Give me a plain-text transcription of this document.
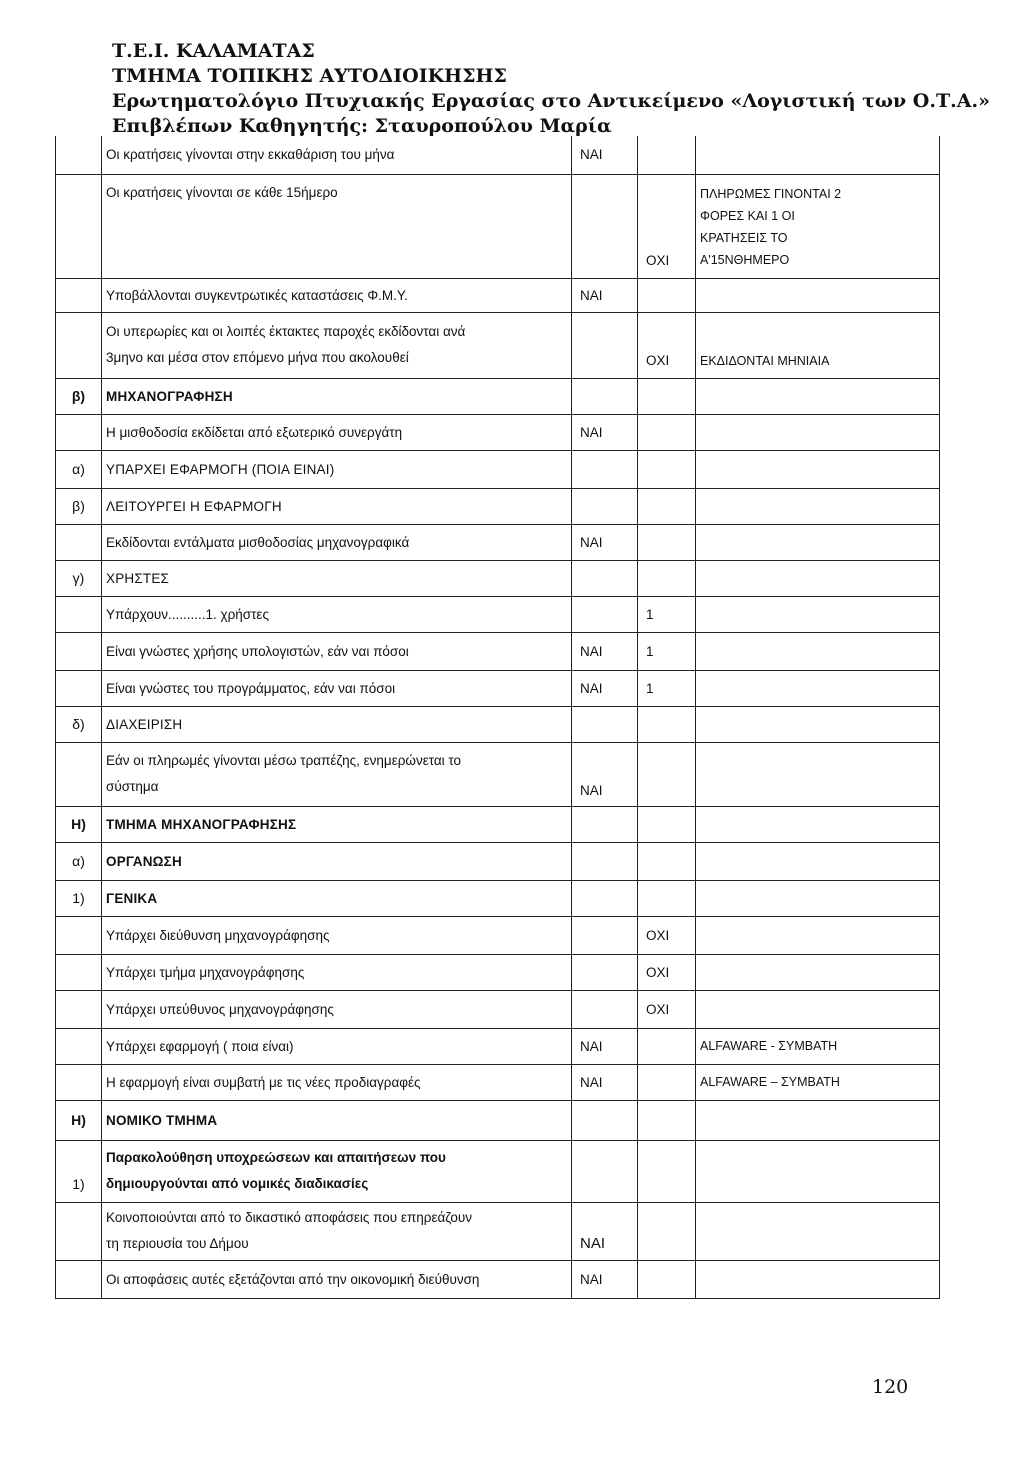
Τ.Ε.Ι. ΚΑΛΑΜΑΤΑΣ
ΤΜΗΜΑ ΤΟΠΙΚΗΣ ΑΥΤΟΔΙΟΙΚΗΣΗΣ
Ερωτηματολόγιο Πτυχιακής Εργασίας στο Αντικείμενο «Λογιστική των Ο.Τ.Α.»
Επιβλέπων Καθηγητής: Σταυροπούλου Μαρία
	Οι κρατήσεις γίνονται στην εκκαθάριση του μήνα	ΝΑΙ		
	Οι κρατήσεις γίνονται σε κάθε 15ήμερο		ΟΧΙ	ΠΛΗΡΩΜΕΣ ΓΙΝΟΝΤΑΙ 2
ΦΟΡΕΣ ΚΑΙ 1 ΟΙ
ΚΡΑΤΗΣΕΙΣ ΤΟ
Α'15ΝΘΗΜΕΡΟ

	Υποβάλλονται συγκεντρωτικές καταστάσεις Φ.Μ.Υ.	ΝΑΙ		

	Οι υπερωρίες και οι λοιπές έκτακτες παροχές εκδίδονται ανά
3μηνο και μέσα στον επόμενο μήνα που ακολουθεί		ΟΧΙ	ΕΚΔΙΔΟΝΤΑΙ ΜΗΝΙΑΙΑ
β)	ΜΗΧΑΝΟΓΡΑΦΗΣΗ			
	Η μισθοδοσία εκδίδεται από εξωτερικό συνεργάτη	ΝΑΙ		
α)	ΥΠΑΡΧΕΙ ΕΦΑΡΜΟΓΗ (ΠΟΙΑ ΕΙΝΑΙ)			
β)	ΛΕΙΤΟΥΡΓΕΙ Η ΕΦΑΡΜΟΓΗ			
	Εκδίδονται εντάλματα μισθοδοσίας μηχανογραφικά	ΝΑΙ		
γ)	ΧΡΗΣΤΕΣ			
	Υπάρχουν..........1. χρήστες		1	
	Είναι γνώστες χρήσης υπολογιστών, εάν ναι πόσοι	ΝΑΙ	1	
	Είναι γνώστες του προγράμματος, εάν ναι πόσοι	ΝΑΙ	1	
δ)	ΔΙΑΧΕΙΡΙΣΗ			

	Εάν οι πληρωμές γίνονται μέσω τραπέζης, ενημερώνεται το
σύστημα	ΝΑΙ		
Η)	ΤΜΗΜΑ ΜΗΧΑΝΟΓΡΑΦΗΣΗΣ			
α)	ΟΡΓΑΝΩΣΗ			
1)	ΓΕΝΙΚΑ			
	Υπάρχει διεύθυνση μηχανογράφησης		ΟΧΙ	
	Υπάρχει τμήμα μηχανογράφησης		ΟΧΙ	
	Υπάρχει υπεύθυνος μηχανογράφησης		ΟΧΙ	
	Υπάρχει εφαρμογή ( ποια είναι)	ΝΑΙ		ALFAWARE - ΣΥΜΒΑΤΗ
	Η εφαρμογή είναι συμβατή με τις νέες προδιαγραφές	ΝΑΙ		ALFAWARE – ΣΥΜΒΑΤΗ
Η)	ΝΟΜΙΚΟ ΤΜΗΜΑ			
1)	Παρακολούθηση υποχρεώσεων και απαιτήσεων που
δημιουργούνται από νομικές διαδικασίες			

	Κοινοποιούνται από το δικαστικό αποφάσεις που επηρεάζουν
τη περιουσία του Δήμου	ΝΑΙ		
	Οι αποφάσεις αυτές εξετάζονται από την οικονομική διεύθυνση	ΝΑΙ		
120
